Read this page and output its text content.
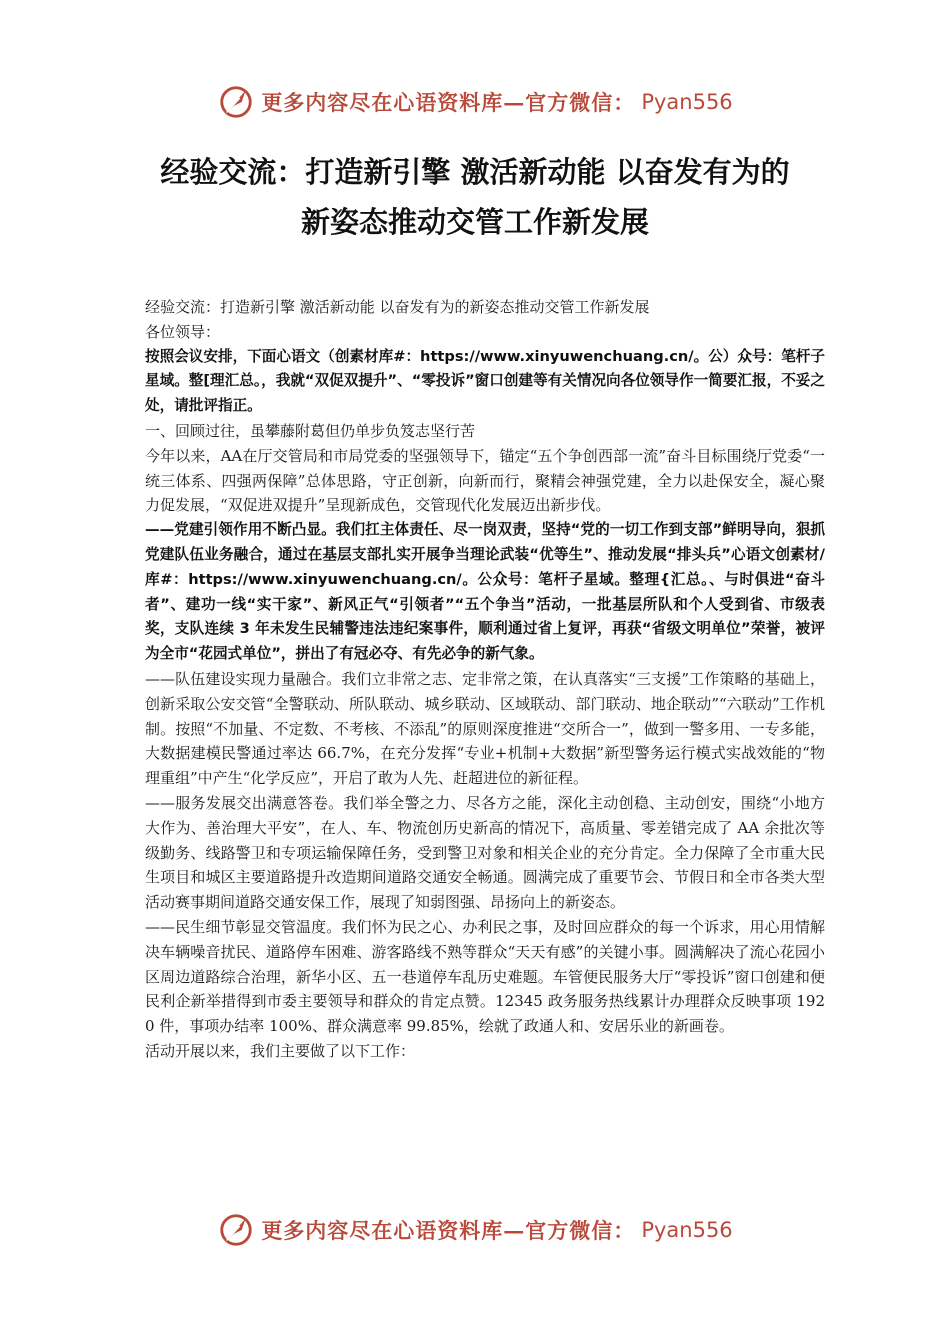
更多内容尽在心语资料库—官方微信： Pyan556
经验交流：打造新引擎 激活新动能 以奋发有为的
新姿态推动交管工作新发展

经验交流：打造新引擎 激活新动能 以奋发有为的新姿态推动交管工作新发展

各位领导：

按照会议安排，下面心语文（创素材库#：https://www.xinyuwenchuang.cn/。公）众号：笔杆子星域。整[理汇总。，我就“双促双提升”、“零投诉”窗口创建等有关情况向各位领导作一简要汇报，不妥之处，请批评指正。

一、回顾过往，虽攀藤附葛但仍单步负笈志坚行苦

今年以来，AA在厅交管局和市局党委的坚强领导下，锚定“五个争创西部一流”奋斗目标围绕厅党委“一统三体系、四强两保障”总体思路，守正创新，向新而行，聚精会神强党建，全力以赴保安全，凝心聚力促发展，“双促进双提升”呈现新成色，交管现代化发展迈出新步伐。

——党建引领作用不断凸显。我们扛主体责任、尽一岗双责，坚持“党的一切工作到支部”鲜明导向，狠抓党建队伍业务融合，通过在基层支部扎实开展争当理论武装“优等生”、推动发展“排头兵”心语文创素材/库#：https://www.xinyuwenchuang.cn/。公众号：笔杆子星域。整理{汇总。、与时俱进“奋斗者”、建功一线“实干家”、新风正气“引领者”“五个争当”活动，一批基层所队和个人受到省、市级表奖，支队连续 3 年未发生民辅警违法违纪案事件，顺利通过省上复评，再获“省级文明单位”荣誉，被评为全市“花园式单位”，拼出了有冠必夺、有先必争的新气象。

——队伍建设实现力量融合。我们立非常之志、定非常之策，在认真落实“三支援”工作策略的基础上，创新采取公安交管“全警联动、所队联动、城乡联动、区域联动、部门联动、地企联动”“六联动”工作机制。按照“不加量、不定数、不考核、不添乱”的原则深度推进“交所合一”，做到一警多用、一专多能，大数据建模民警通过率达 66.7%，在充分发挥“专业+机制+大数据”新型警务运行模式实战效能的“物理重组”中产生“化学反应”，开启了敢为人先、赶超进位的新征程。

——服务发展交出满意答卷。我们举全警之力、尽各方之能，深化主动创稳、主动创安，围绕“小地方大作为、善治理大平安”，在人、车、物流创历史新高的情况下，高质量、零差错完成了 AA 余批次等级勤务、线路警卫和专项运输保障任务，受到警卫对象和相关企业的充分肯定。全力保障了全市重大民生项目和城区主要道路提升改造期间道路交通安全畅通。圆满完成了重要节会、节假日和全市各类大型活动赛事期间道路交通安保工作，展现了知弱图强、昂扬向上的新姿态。

——民生细节彰显交管温度。我们怀为民之心、办利民之事，及时回应群众的每一个诉求，用心用情解决车辆噪音扰民、道路停车困难、游客路线不熟等群众“天天有感”的关键小事。圆满解决了流心花园小区周边道路综合治理，新华小区、五一巷道停车乱历史难题。车管便民服务大厅“零投诉”窗口创建和便民利企新举措得到市委主要领导和群众的肯定点赞。12345 政务服务热线累计办理群众反映事项 1920 件，事项办结率 100%、群众满意率 99.85%，绘就了政通人和、安居乐业的新画卷。

活动开展以来，我们主要做了以下工作：

更多内容尽在心语资料库—官方微信： Pyan556
